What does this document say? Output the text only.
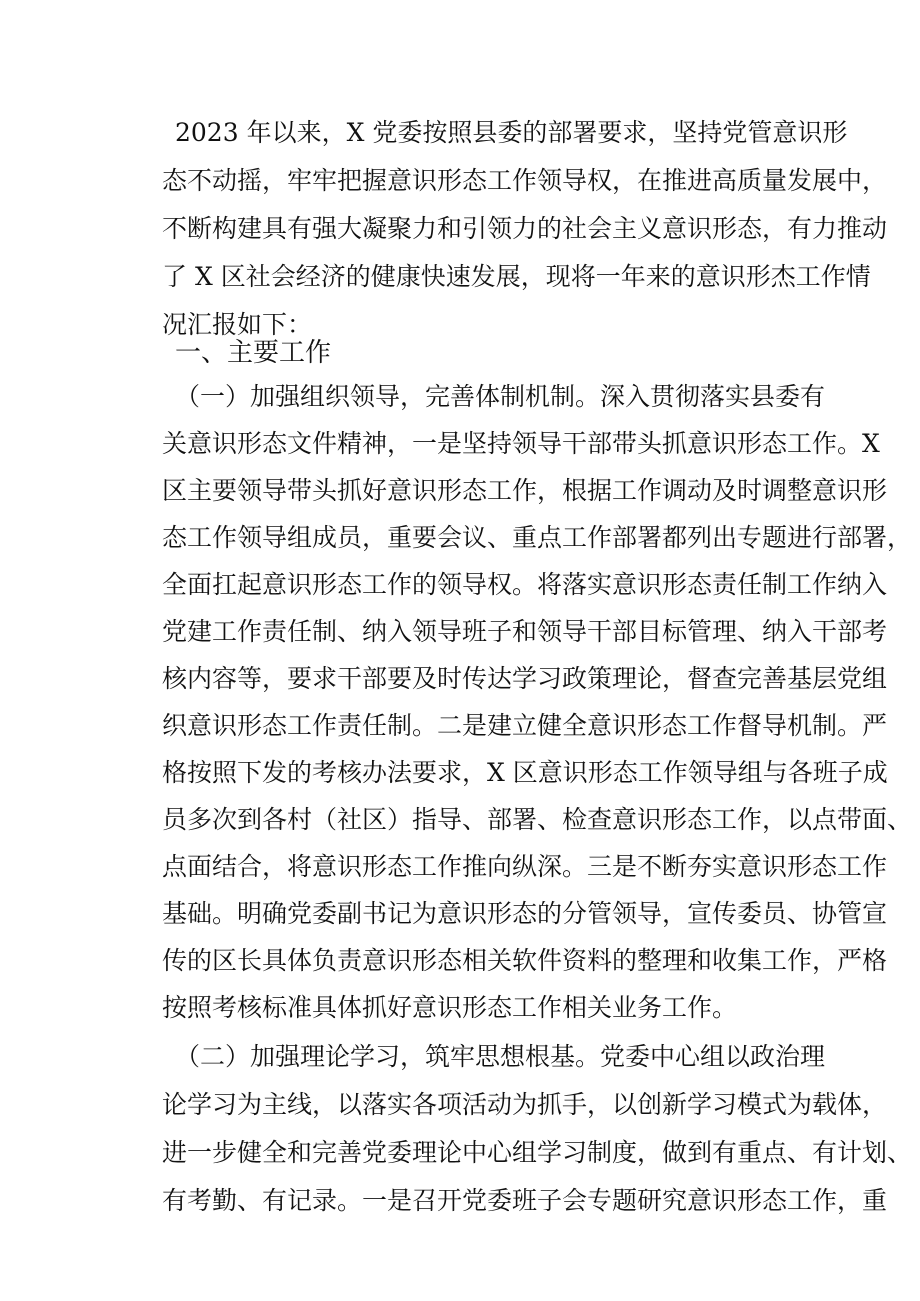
2023 年以来，X 党委按照县委的部署要求，坚持党管意识形
态不动摇，牢牢把握意识形态工作领导权，在推进高质量发展中，
不断构建具有强大凝聚力和引领力的社会主义意识形态，有力推动
了 X 区社会经济的健康快速发展，现将一年来的意识形杰工作情
况汇报如下：
一、主要工作
（一）加强组织领导，完善体制机制。深入贯彻落实县委有
关意识形态文件精神，一是坚持领导干部带头抓意识形态工作。X
区主要领导带头抓好意识形态工作，根据工作调动及时调整意识形
态工作领导组成员，重要会议、重点工作部署都列出专题进行部署，
全面扛起意识形态工作的领导权。将落实意识形态责任制工作纳入
党建工作责任制、纳入领导班子和领导干部目标管理、纳入干部考
核内容等，要求干部要及时传达学习政策理论，督查完善基层党组
织意识形态工作责任制。二是建立健全意识形态工作督导机制。严
格按照下发的考核办法要求，X 区意识形态工作领导组与各班子成
员多次到各村（社区）指导、部署、检查意识形态工作，以点带面、
点面结合，将意识形态工作推向纵深。三是不断夯实意识形态工作
基础。明确党委副书记为意识形态的分管领导，宣传委员、协管宣
传的区长具体负责意识形态相关软件资料的整理和收集工作，严格
按照考核标准具体抓好意识形态工作相关业务工作。
（二）加强理论学习，筑牢思想根基。党委中心组以政治理
论学习为主线，以落实各项活动为抓手，以创新学习模式为载体，
进一步健全和完善党委理论中心组学习制度，做到有重点、有计划、
有考勤、有记录。一是召开党委班子会专题研究意识形态工作，重
